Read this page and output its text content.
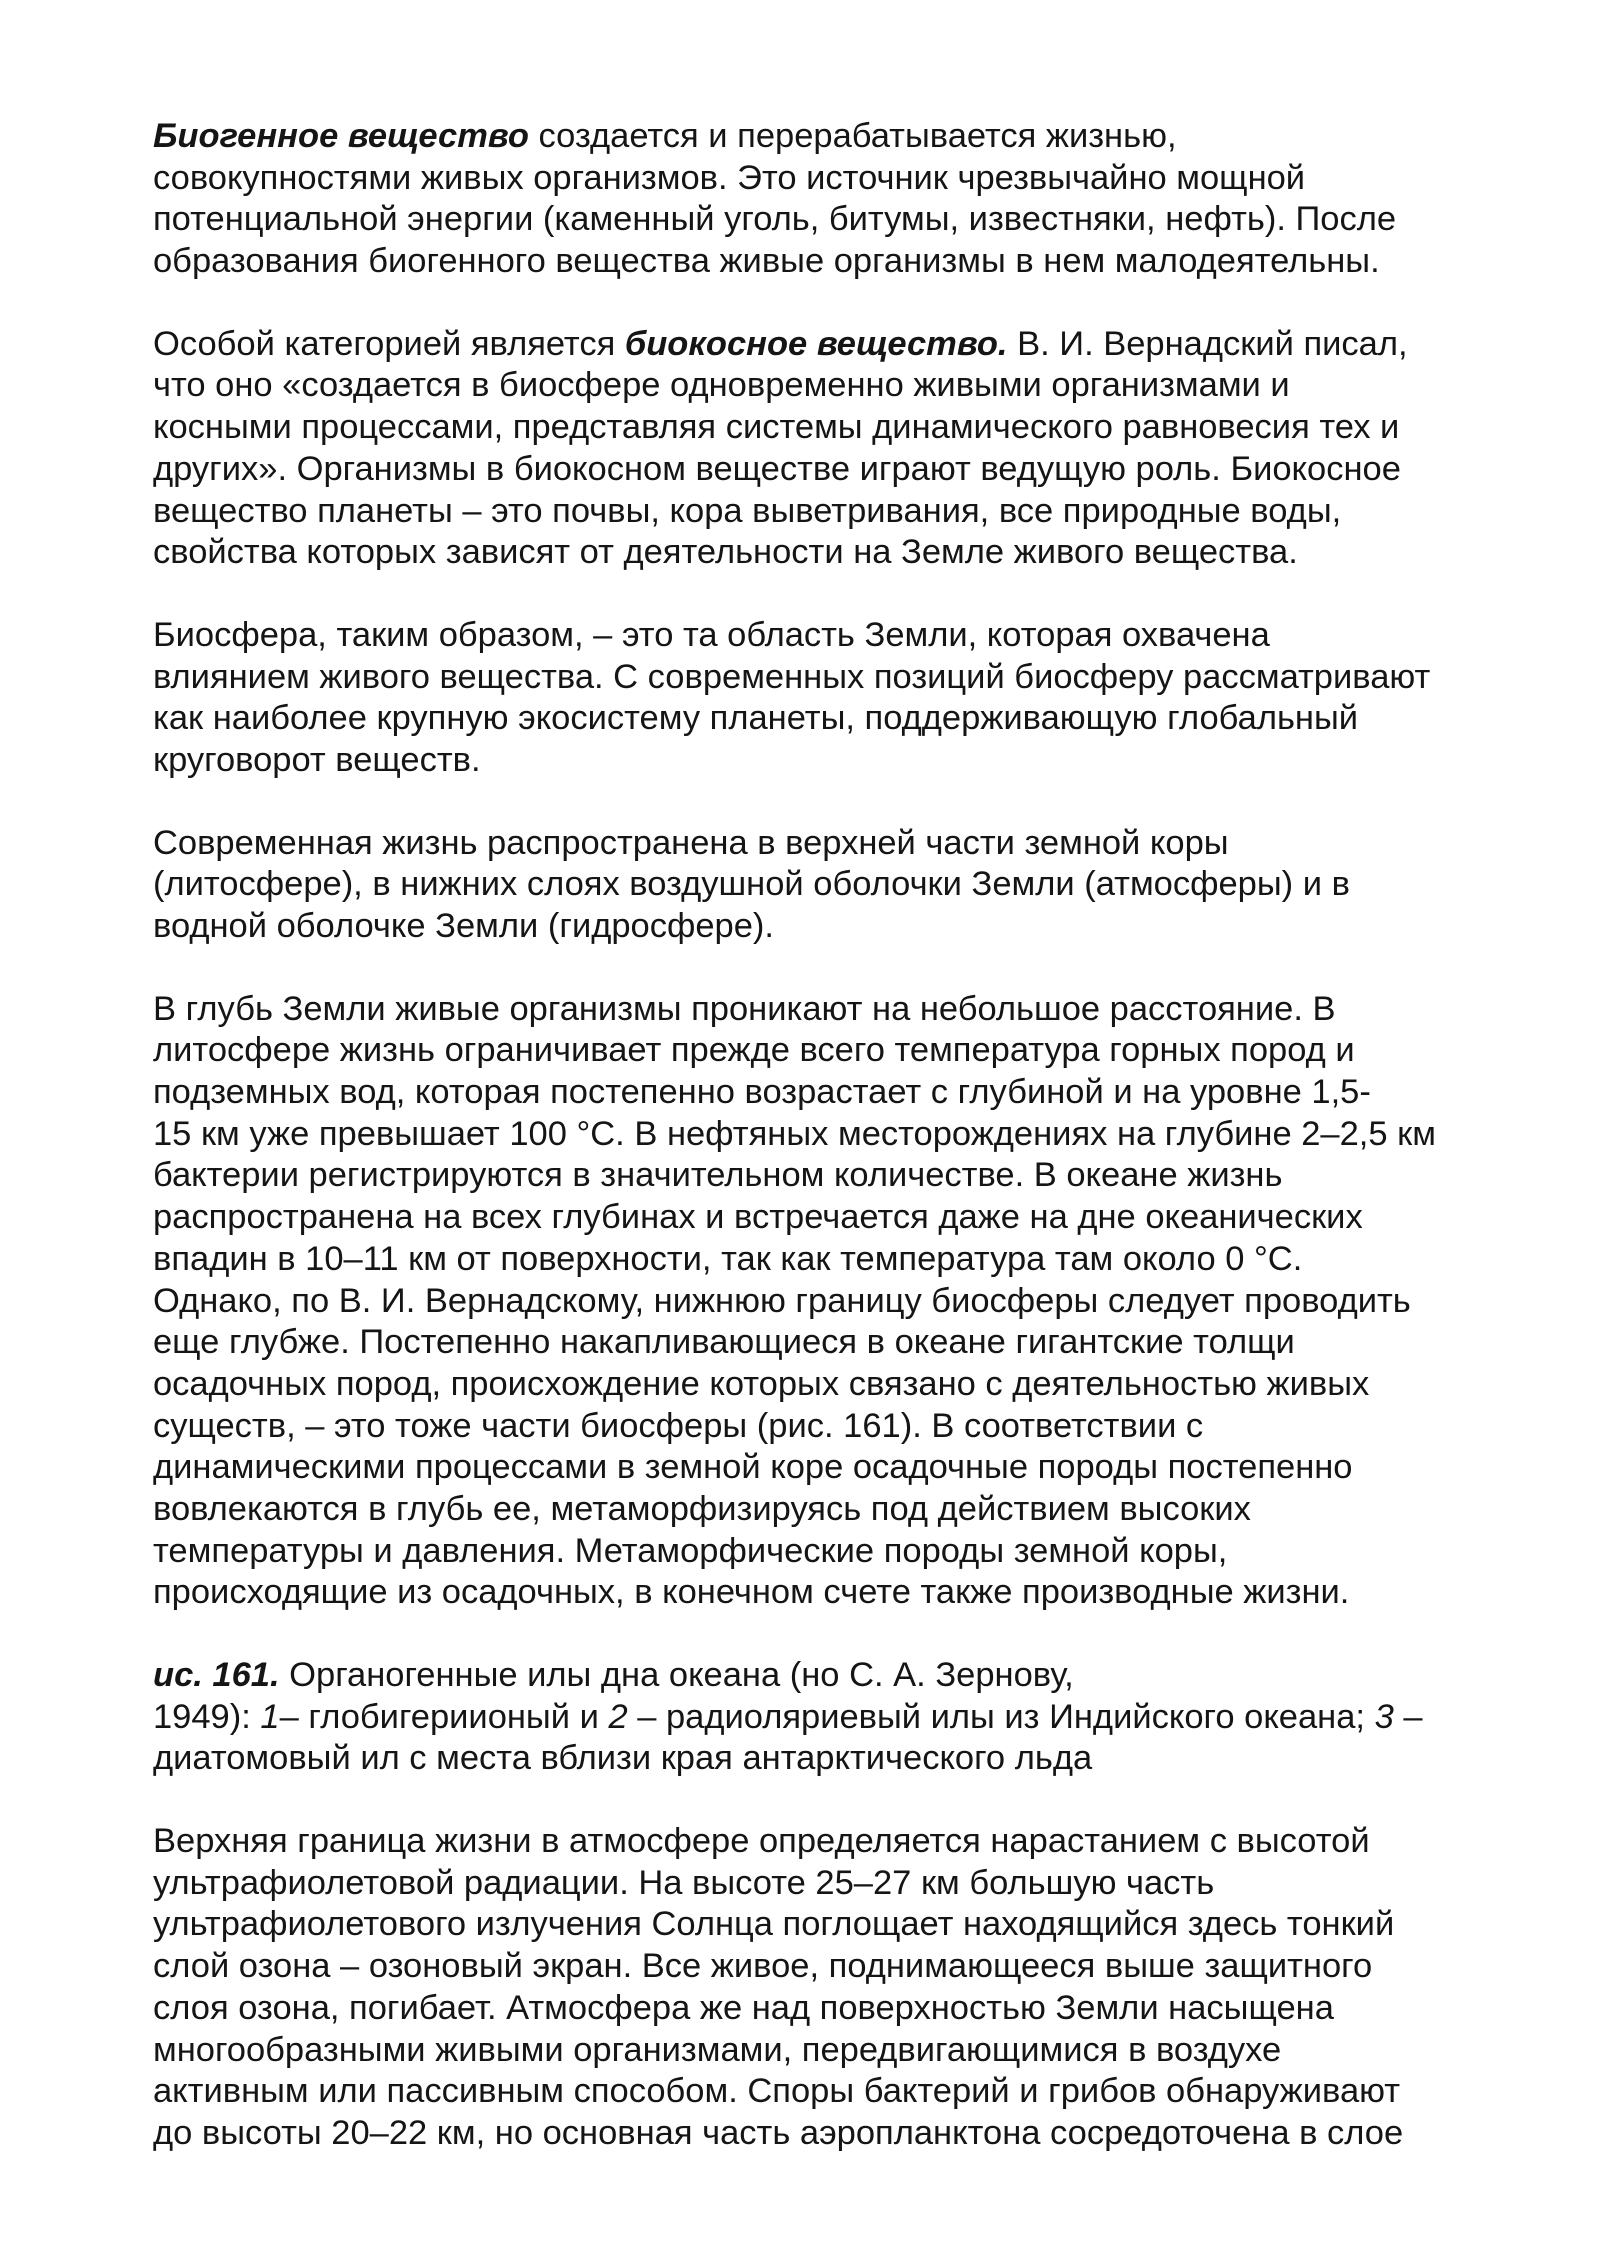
Биогенное вещество создается и перерабатывается жизнью,
совокупностями живых организмов. Это источник чрезвычайно мощной
потенциальной энергии (каменный уголь, битумы, известняки, нефть). После
образования биогенного вещества живые организмы в нем малодеятельны.
Особой категорией является биокосное вещество. В. И. Вернадский писал,
что оно «создается в биосфере одновременно живыми организмами и
косными процессами, представляя системы динамического равновесия тех и
других». Организмы в биокосном веществе играют ведущую роль. Биокосное
вещество планеты – это почвы, кора выветривания, все природные воды,
свойства которых зависят от деятельности на Земле живого вещества.
Биосфера, таким образом, – это та область Земли, которая охвачена
влиянием живого вещества. С современных позиций биосферу рассматривают
как наиболее крупную экосистему планеты, поддерживающую глобальный
круговорот веществ.
Современная жизнь распространена в верхней части земной коры
(литосфере), в нижних слоях воздушной оболочки Земли (атмосферы) и в
водной оболочке Земли (гидросфере).
В глубь Земли живые организмы проникают на небольшое расстояние. В
литосфере жизнь ограничивает прежде всего температура горных пород и
подземных вод, которая постепенно возрастает с глубиной и на уровне 1,5-
15 км уже превышает 100 °С. В нефтяных месторождениях на глубине 2–2,5 км
бактерии регистрируются в значительном количестве. В океане жизнь
распространена на всех глубинах и встречается даже на дне океанических
впадин в 10–11 км от поверхности, так как температура там около 0 °С.
Однако, по В. И. Вернадскому, нижнюю границу биосферы следует проводить
еще глубже. Постепенно накапливающиеся в океане гигантские толщи
осадочных пород, происхождение которых связано с деятельностью живых
существ, – это тоже части биосферы (рис. 161). В соответствии с
динамическими процессами в земной коре осадочные породы постепенно
вовлекаются в глубь ее, метаморфизируясь под действием высоких
температуры и давления. Метаморфические породы земной коры,
происходящие из осадочных, в конечном счете также производные жизни.
ис. 161. Органогенные илы дна океана (но С. А. Зернову,
1949): 1– глобигериионый и 2 – радиоляриевый илы из Индийского океана; 3 –
диатомовый ил с места вблизи края антарктического льда
Верхняя граница жизни в атмосфере определяется нарастанием с высотой
ультрафиолетовой радиации. На высоте 25–27 км большую часть
ультрафиолетового излучения Солнца поглощает находящийся здесь тонкий
слой озона – озоновый экран. Все живое, поднимающееся выше защитного
слоя озона, погибает. Атмосфера же над поверхностью Земли насыщена
многообразными живыми организмами, передвигающимися в воздухе
активным или пассивным способом. Споры бактерий и грибов обнаруживают
до высоты 20–22 км, но основная часть аэропланктона сосредоточена в слое
